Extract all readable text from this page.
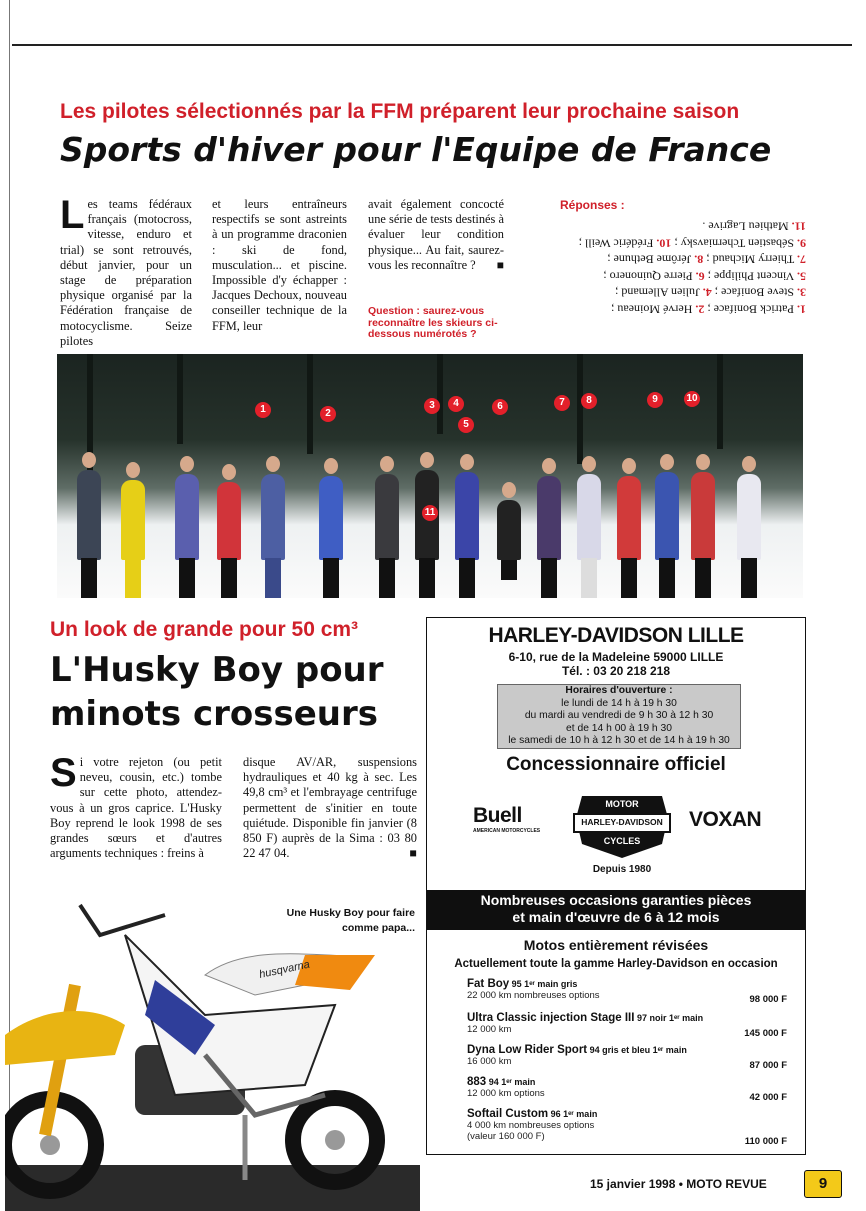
Les pilotes sélectionnés par la FFM préparent leur prochaine saison
Sports d'hiver pour l'Equipe de France
Les teams fédéraux français (motocross, vitesse, enduro et trial) se sont retrouvés, début janvier, pour un stage de préparation physique organisé par la Fédération française de motocyclisme. Seize pilotes
et leurs entraîneurs respectifs se sont astreints à un programme draconien : ski de fond, musculation... et piscine. Impossible d'y échapper : Jacques Dechoux, nouveau conseiller technique de la FFM, leur
avait également concocté une série de tests destinés à évaluer leur condition physique... Au fait, saurez-vous les reconnaître ? ■
Question : saurez-vous reconnaître les skieurs ci-dessous numérotés ?
Réponses :
1. Patrick Boniface ; 2. Hervé Moineau ;
3. Steve Boniface ; 4. Julien Allemand ;
5. Vincent Philippe ; 6. Pierre Quinonero ;
7. Thierry Michaud ; 8. Jérôme Bethune ;
9. Sébastien Tcherniavsky ; 10. Frédéric Weill ;
11. Mathieu Lagrive .
1	2
3	4
5
6	7	8	9	10
11
Un look de grande pour 50 cm³
L'Husky Boy pour
minots crosseurs
Si votre rejeton (ou petit neveu, cousin, etc.) tombe sur cette photo, attendez-vous à un gros caprice. L'Husky Boy reprend le look 1998 de ses grandes sœurs et d'autres arguments techniques : freins à
disque AV/AR, suspensions hydrauliques et 40 kg à sec. Les 49,8 cm³ et l'embrayage centrifuge permettent de s'initier en toute quiétude. Disponible fin janvier (8 850 F) auprès de la Sima : 03 80 22 47 04.	■
husqvarna
Une Husky Boy pour faire comme papa...
HARLEY-DAVIDSON LILLE
6-10, rue de la Madeleine 59000 LILLE
Tél. : 03 20 218 218
Horaires d'ouverture :
le lundi de 14 h à 19 h 30
du mardi au vendredi de 9 h 30 à 12 h 30
et de 14 h 00 à 19 h 30
le samedi de 10 h à 12 h 30 et de 14 h à 19 h 30
Concessionnaire officiel
Buell
AMERICAN MOTORCYCLES
MOTOR
HARLEY-DAVIDSON
CYCLES
Depuis 1980
VOXAN
Nombreuses occasions garanties pièces
et main d'œuvre de 6 à 12 mois
Motos entièrement révisées
Actuellement toute la gamme Harley-Davidson en occasion
Fat Boy 95 1ᵉʳ main gris
22 000 km nombreuses options	98 000 F
Ultra Classic injection Stage III 97 noir 1ᵉʳ main
12 000 km	145 000 F
Dyna Low Rider Sport 94 gris et bleu 1ᵉʳ main
16 000 km	87 000 F
883 94 1ᵉʳ main
12 000 km options	42 000 F
Softail Custom 96 1ᵉʳ main
4 000 km nombreuses options
(valeur 160 000 F)	110 000 F
15 janvier 1998 • MOTO REVUE	9
